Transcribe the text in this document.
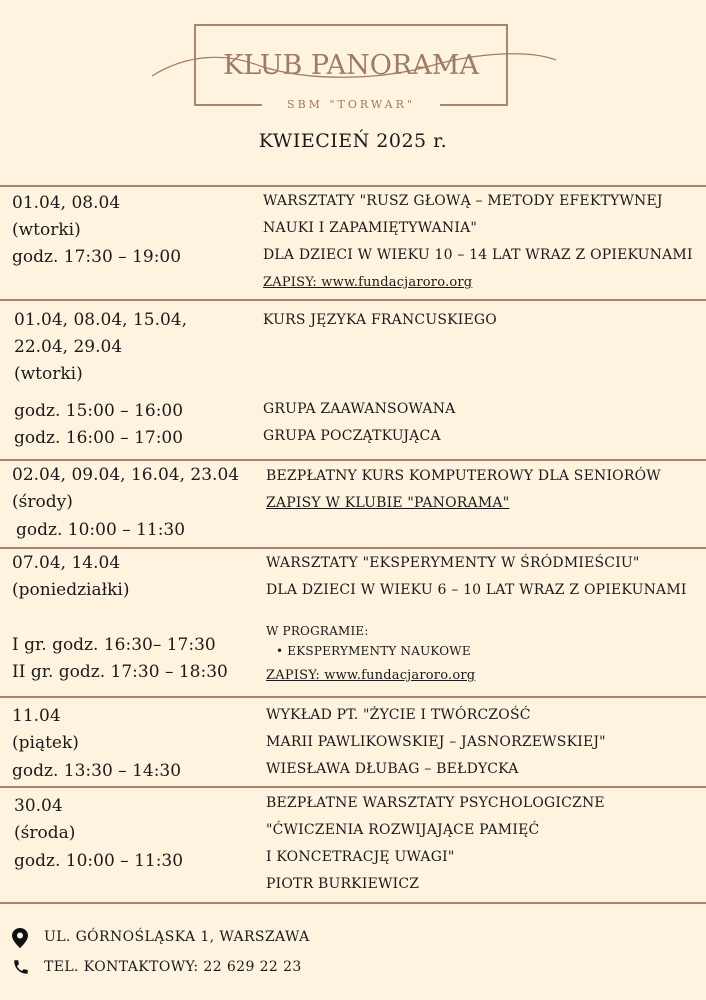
KLUB PANORAMA
SBM "TORWAR"
KWIECIEŃ 2025 r.
01.04, 08.04
(wtorki)
godz. 17:30 – 19:00
WARSZTATY "RUSZ GŁOWĄ – METODY EFEKTYWNEJ
NAUKI I ZAPAMIĘTYWANIA"
DLA DZIECI W WIEKU 10 – 14 LAT WRAZ Z OPIEKUNAMI
ZAPISY: www.fundacjaroro.org
01.04, 08.04, 15.04,
22.04, 29.04
(wtorki)
godz. 15:00 – 16:00
godz. 16:00 – 17:00
KURS JĘZYKA FRANCUSKIEGO
GRUPA ZAAWANSOWANA
GRUPA POCZĄTKUJĄCA
02.04, 09.04, 16.04, 23.04
(środy)
godz. 10:00 – 11:30
BEZPŁATNY KURS KOMPUTEROWY DLA SENIORÓW
ZAPISY W KLUBIE "PANORAMA"
07.04, 14.04
(poniedziałki)
I gr. godz. 16:30– 17:30
II gr. godz. 17:30 – 18:30
WARSZTATY "EKSPERYMENTY W ŚRÓDMIEŚCIU"
DLA DZIECI W WIEKU 6 – 10 LAT WRAZ Z OPIEKUNAMI
W PROGRAMIE:
• EKSPERYMENTY NAUKOWE
ZAPISY: www.fundacjaroro.org
11.04
(piątek)
godz. 13:30 – 14:30
WYKŁAD PT. "ŻYCIE I TWÓRCZOŚĆ
MARII PAWLIKOWSKIEJ – JASNORZEWSKIEJ"
WIESŁAWA DŁUBAG – BEŁDYCKA
30.04
(środa)
godz. 10:00 – 11:30
BEZPŁATNE WARSZTATY PSYCHOLOGICZNE
"ĆWICZENIA ROZWIJAJĄCE PAMIĘĆ
I KONCETRACJĘ UWAGI"
PIOTR BURKIEWICZ
UL. GÓRNOŚLĄSKA 1, WARSZAWA
TEL. KONTAKTOWY: 22 629 22 23
